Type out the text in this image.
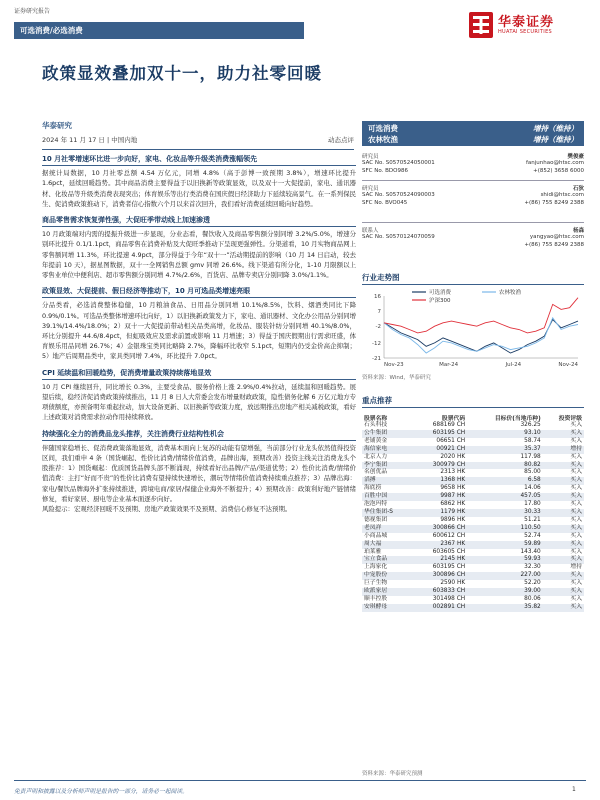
证券研究报告
可选消费/必选消费
华泰证券
HUATAI SECURITIES
政策显效叠加双十一，助力社零回暖
华泰研究
2024 年 11 月 17 日 | 中国内地	动态点评
10 月社零增速环比进一步向好，家电、化妆品等升级类消费涨幅领先

据统计局数据，10 月社零总额 4.54 万亿元，同增 4.8%（高于彭博一致预期 3.8%），增速环比提升 1.6pct，延续回暖趋势。其中商品消费主要得益于以旧换新等政策显效，以及双十一大促提前，家电、通讯器材、化妆品等升级类消费表现突出；体育娱乐等出行类消费在国庆假日经济助力下延续较高景气。在一系列保民生、促消费政策推动下，消费者信心指数六个月以来首次回升，我们看好消费延续回暖向好趋势。

商品零售需求恢复弹性强，大促旺季带动线上加速渗透

10 月政策端对内需的提振升级进一步显现，分业态看，餐饮收入及商品零售额分别同增 3.2%/5.0%，增速分别环比提升 0.1/1.1pct，商品零售在消费补贴及大促旺季推动下呈现更强弹性。分渠道看，10 月实物商品网上零售额同增 11.3%，环比提速 4.9pct，部分得益于今年“双十一”活动期提前的影响（10 月 14 日启动，较去年提前 10 天），据星图数据，双十一全网销售总额 gmv 同增 26.6%。线下渠道有所分化，1-10 月限额以上零售业单位中便利店、超市零售额分别同增 4.7%/2.6%，百货店、品牌专卖店分别同降 3.0%/1.1%。

政策显效、大促提前、假日经济等推动下，10 月可选品类增速亮眼

分品类看，必选消费整体稳健，10 月粮油食品、日用品分别同增 10.1%/8.5%，饮料、烟酒类同比下降 0.9%/0.1%。可选品类整体增速环比向好，1）以旧换新政策发力下，家电、通讯器材、文化办公用品分别同增 39.1%/14.4%/18.0%；2）双十一大促提前带动相关品类高增，化妆品、服装针纺分别同增 40.1%/8.0%，环比分别提升 44.6/8.4pct，但虹吸效应及需求前置或影响 11 月增速；3）得益于国庆假期出行需求旺盛，体育娱乐用品同增 26.7%；4）金银珠宝类同比略降 2.7%，降幅环比收窄 5.1pct，短期内仍受金价高企抑制；5）地产后周期品类中，家具类同增 7.4%，环比提升 7.0pct。

CPI 延续温和回暖趋势，促消费增量政策持续落地显效

10 月 CPI 继续回升，同比增长 0.3%，主要受食品、服务价格上涨 2.9%/0.4%拉动，延续温和回暖趋势。展望后续，稳经济促消费政策持续推出，11 月 8 日人大常委会发布增量财政政策，隐性债务化解 6 万亿元地方专项债额度，亦预备明年重起拉动，加大设备更新、以旧换新等政策力度，放远期推出房地产相关减税政策，看好上述政策对消费需求拉动作用持续释放。

持续强化全力的消费品龙头推荐，关注消费行业结构性机会

伴随国家稳增长、促消费政策落地显效，消费基本面向上复苏的动能有望增强，当前部分行业龙头依然值得投资区间，我们重申 4 条（国货崛起、性价比消费/情绪价值消费，品牌出海，预期改善）投资主线关注消费龙头个股推荐：1）国货崛起：优质国货品牌头部不断涌现，持续看好出品牌/产品/渠道优势；2）性价比消费/情绪价值消费：主打“好而不贵”的性价比消费有望持续快速增长，潮玩等情绪价值消费持续重点推荐；3）品牌出海：家电/餐饮品牌海外扩张持续推进，跨境电商/家居/保健企业海外不断提升；4）预期改善：政策利好地产链情绪修复，看好家居、厨电等企业基本面逐步向好。

风险提示：宏观经济回暖不及预期、房地产政策效果不及预期、消费信心修复不达预期。

可选消费	增持（维持）
农林牧渔	增持（维持）
研究员	樊俊豪
SAC No. S0570524050001	fanjunhao@htsc.com
SFC No. BDO986	+(852) 3658 6000
研究员	石狄
SAC No. S0570524090003	shidi@htsc.com
SFC No. BVO045	+(86) 755 8249 2388
联系人	杨森
SAC No. S0570124070059	yangyao@htsc.com
+(86) 755 8249 2388
行业走势图
16
7
-2
-12
-21
Nov-23	Mar-24	Jul-24	Nov-24
可选消费	农林牧渔
沪深300
资料来源：Wind，华泰研究
重点推荐
股票名称	股票代码	目标价(当地币种)	投资评级
石头科技	688169 CH	326.25	买入
公牛集团	603195 CH	93.10	买入
老铺黄金	06651 CH	58.74	买入
海信家电	00921 CH	35.37	增持
北京人力	2020 HK	117.98	买入
李宁集团	300979 CH	80.82	买入
名创优品	2313 HK	85.00	买入
滔搏	1368 HK	6.58	买入
海底捞	9658 HK	14.06	买入
百胜中国	9987 HK	457.05	买入
泡泡玛特	6862 HK	17.80	买入
华住集团-S	1179 HK	30.33	买入
德视集团	9896 HK	51.21	买入
老凤祥	300866 CH	110.50	买入
小商品城	600612 CH	52.74	买入
周大福	2367 HK	59.89	买入
珀莱雅	603605 CH	143.40	买入
宝立食品	2145 HK	59.93	买入
上海家化	603195 CH	32.30	增持
中宠股份	300896 CH	227.00	买入
巨子生物	2590 HK	52.20	买入
欧派家居	603833 CH	39.00	买入
顺丰控股	301498 CH	80.06	买入
安琪酵母	002891 CH	35.82	买入
资料来源：华泰研究预测
免责声明和披露以及分析师声明是报告的一部分，请务必一起阅读。	1
